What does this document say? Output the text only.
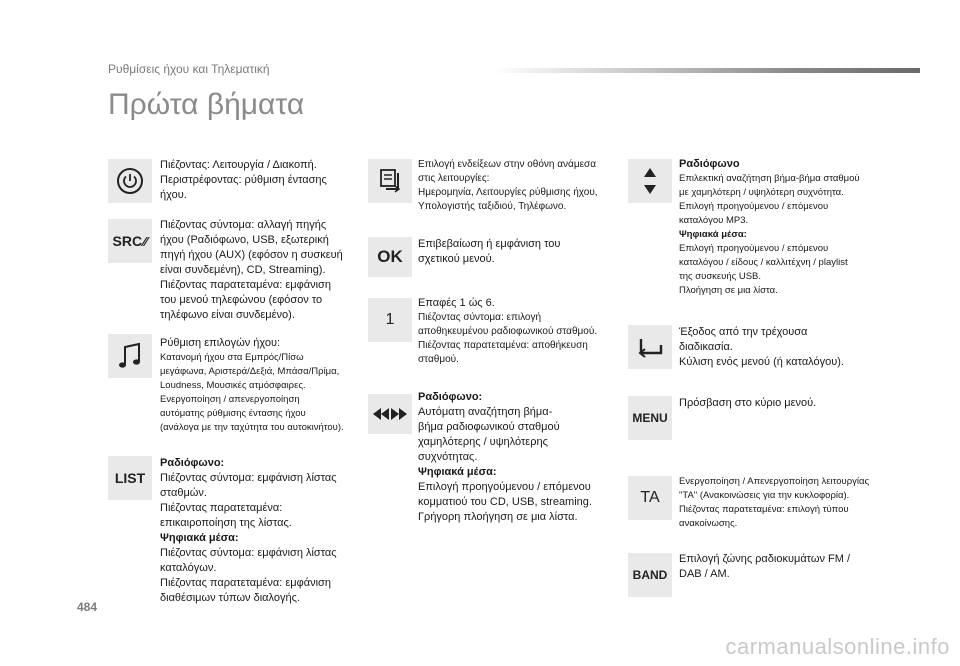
Ρυθμίσεις ήχου και Τηλεματική
Πρώτα βήματα
Πιέζοντας: Λειτουργία / Διακοπή.
Περιστρέφοντας: ρύθμιση έντασης
ήχου.
SRC ⁄⁄
Πιέζοντας σύντομα: αλλαγή πηγής
ήχου (Ραδιόφωνο, USB, εξωτερική
πηγή ήχου (AUX) (εφόσον η συσκευή
είναι συνδεμένη), CD, Streaming).
Πιέζοντας παρατεταμένα: εμφάνιση
του μενού τηλεφώνου (εφόσον το
τηλέφωνο είναι συνδεμένο).
Ρύθμιση επιλογών ήχου:
Κατανομή ήχου στα Εμπρός/Πίσω
μεγάφωνα, Αριστερά/Δεξιά, Μπάσα/Πρίμα,
Loudness, Μουσικές ατμόσφαιρες.
Ενεργοποίηση / απενεργοποίηση
αυτόματης ρύθμισης έντασης ήχου
(ανάλογα με την ταχύτητα του αυτοκινήτου).
LIST
Ραδιόφωνο:
Πιέζοντας σύντομα: εμφάνιση λίστας
σταθμών.
Πιέζοντας παρατεταμένα:
επικαιροποίηση της λίστας.
Ψηφιακά μέσα:
Πιέζοντας σύντομα: εμφάνιση λίστας
καταλόγων.
Πιέζοντας παρατεταμένα: εμφάνιση
διαθέσιμων τύπων διαλογής.
Επιλογή ενδείξεων στην οθόνη ανάμεσα
στις λειτουργίες:
Ημερομηνία, Λειτουργίες ρύθμισης ήχου,
Υπολογιστής ταξιδιού, Τηλέφωνο.
OK
Επιβεβαίωση ή εμφάνιση του
σχετικού μενού.
1
Επαφές 1 ώς 6.
Πιέζοντας σύντομα: επιλογή
αποθηκευμένου ραδιοφωνικού σταθμού.
Πιέζοντας παρατεταμένα: αποθήκευση
σταθμού.
Ραδιόφωνο:
Αυτόματη αναζήτηση βήμα-
βήμα ραδιοφωνικού σταθμού
χαμηλότερης / υψηλότερης
συχνότητας.
Ψηφιακά μέσα:
Επιλογή προηγούμενου / επόμενου
κομματιού του CD, USB, streaming.
Γρήγορη πλοήγηση σε μια λίστα.
Ραδιόφωνο
Επιλεκτική αναζήτηση βήμα-βήμα σταθμού
με χαμηλότερη / υψηλότερη συχνότητα.
Επιλογή προηγούμενου / επόμενου
καταλόγου MP3.
Ψηφιακά μέσα:
Επιλογή προηγούμενου / επόμενου
καταλόγου / είδους / καλλιτέχνη / playlist
της συσκευής USB.
Πλοήγηση σε μια λίστα.
Έξοδος από την τρέχουσα
διαδικασία.
Κύλιση ενός μενού (ή καταλόγου).
MENU
Πρόσβαση στο κύριο μενού.
TA
Ενεργοποίηση / Απενεργοποίηση λειτουργίας
"TA" (Ανακοινώσεις για την κυκλοφορία).
Πιέζοντας παρατεταμένα: επιλογή τύπου
ανακοίνωσης.
BAND
Επιλογή ζώνης ραδιοκυμάτων FM /
DAB / AM.
484
carmanualsonline.info
